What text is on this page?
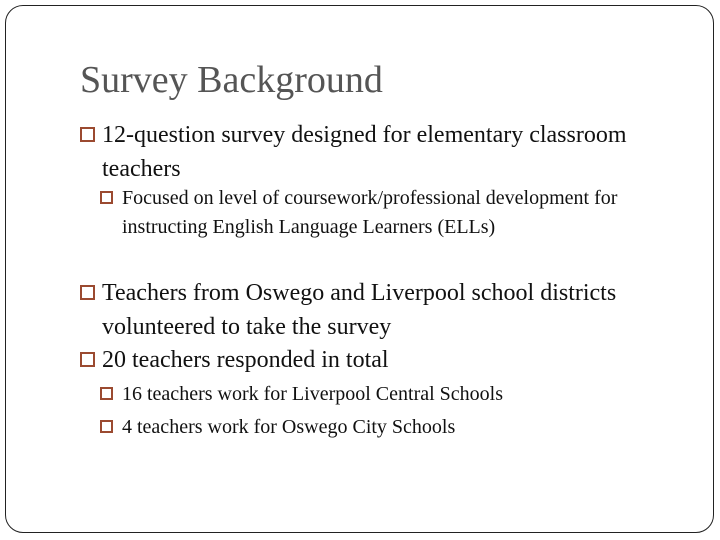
Survey Background
12-question survey designed for elementary classroom teachers
Focused on level of coursework/professional development for instructing English Language Learners (ELLs)
Teachers from Oswego and Liverpool school districts volunteered to take the survey
20 teachers responded in total
16 teachers work for Liverpool Central Schools
4 teachers work for Oswego City Schools
